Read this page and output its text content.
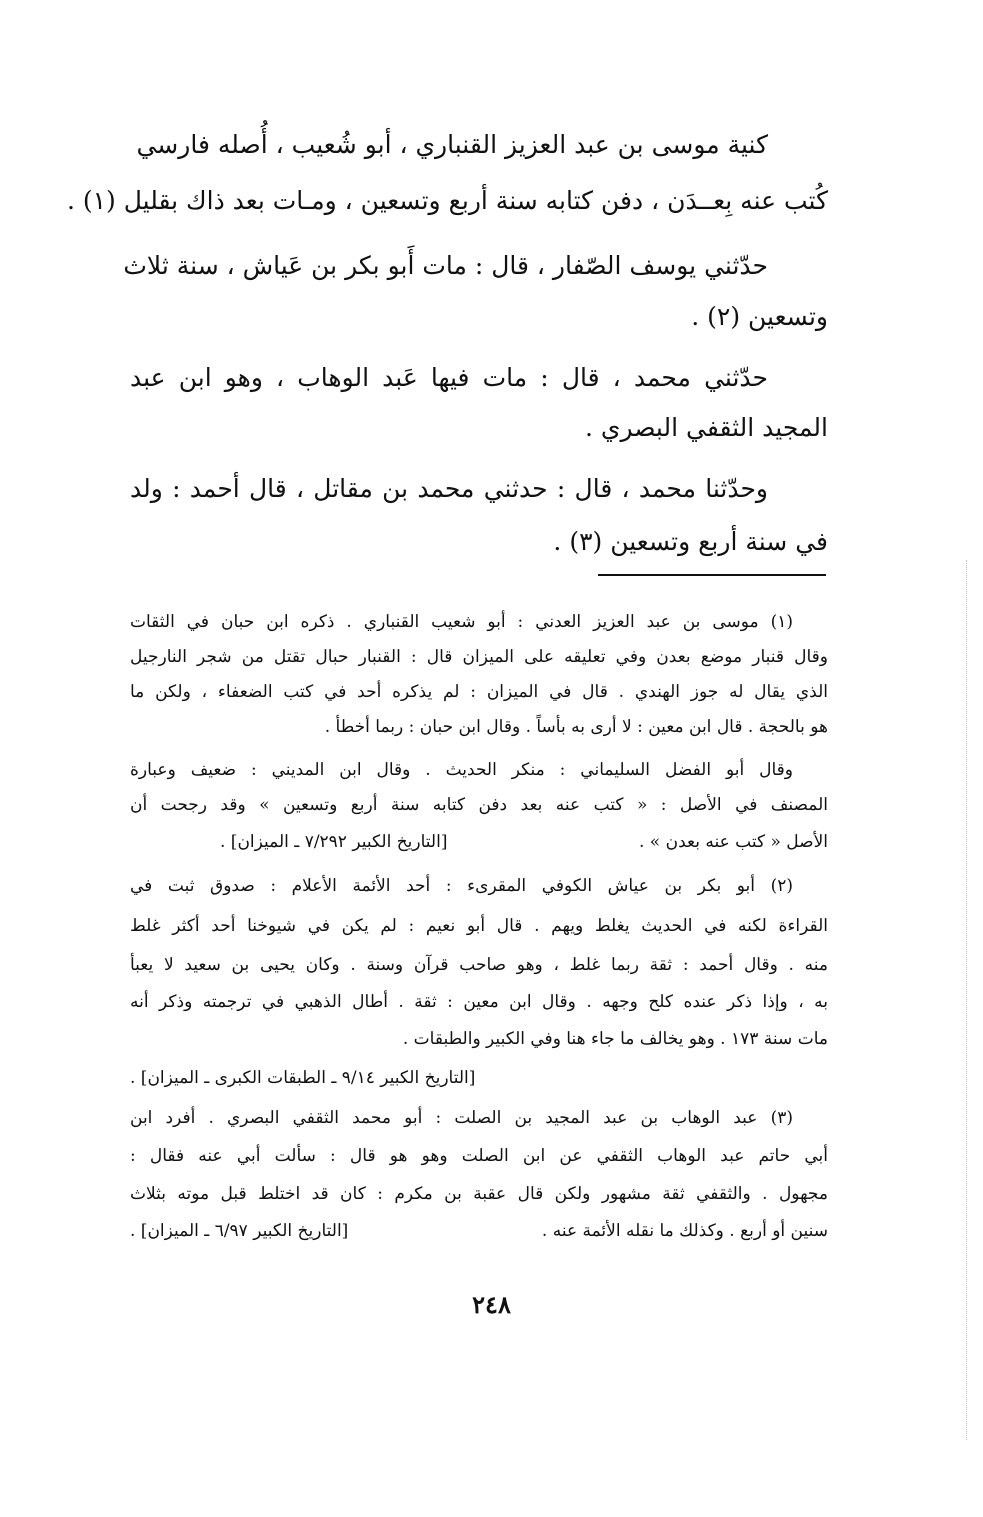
كنية موسى بن عبد العزيز القنباري ، أبو شُعيب ، أُصله فارسي
كُتب عنه بِعــدَن ، دفن كتابه سنة أربع وتسعين ، ومـات بعد ذاك بقليل (١) .
حدّثني يوسف الصّفار ، قال : مات أَبو بكر بن عَياش ، سنة ثلاث
وتسعين (٢) .
حدّثني محمد ، قال : مات فيها عَبد الوهاب ، وهو ابن عبد
المجيد الثقفي البصري .
وحدّثنا محمد ، قال : حدثني محمد بن مقاتل ، قال أحمد : ولد
في سنة أربع وتسعين (٣) .
(١) موسى بن عبد العزيز العدني : أبو شعيب القنباري . ذكره ابن حبان في الثقات
وقال قنبار موضع بعدن وفي تعليقه على الميزان قال : القنبار حبال تقتل من شجر النارجيل
الذي يقال له جوز الهندي . قال في الميزان : لم يذكره أحد في كتب الضعفاء ، ولكن ما
هو بالحجة . قال ابن معين : لا أرى به بأساً . وقال ابن حبان : ربما أخطأ .
وقال أبو الفضل السليماني : منكر الحديث . وقال ابن المديني : ضعيف وعبارة
المصنف في الأصل : « كتب عنه بعد دفن كتابه سنة أربع وتسعين » وقد رجحت أن
الأصل « كتب عنه بعدن » .
[التاريخ الكبير ٧/٢٩٢ ـ الميزان] .
(٢) أبو بكر بن عياش الكوفي المقرىء : أحد الأئمة الأعلام : صدوق ثبت في
القراءة لكنه في الحديث يغلط ويهم . قال أبو نعيم : لم يكن في شيوخنا أحد أكثر غلط
منه . وقال أحمد : ثقة ربما غلط ، وهو صاحب قرآن وسنة . وكان يحيى بن سعيد لا يعبأ
به ، وإذا ذكر عنده كلح وجهه . وقال ابن معين : ثقة . أطال الذهبي في ترجمته وذكر أنه
مات سنة ١٧٣ . وهو يخالف ما جاء هنا وفي الكبير والطبقات .
[التاريخ الكبير ٩/١٤ ـ الطبقات الكبرى ـ الميزان] .
(٣) عبد الوهاب بن عبد المجيد بن الصلت : أبو محمد الثقفي البصري . أفرد ابن
أبي حاتم عبد الوهاب الثقفي عن ابن الصلت وهو هو قال : سألت أبي عنه فقال :
مجهول . والثقفي ثقة مشهور ولكن قال عقبة بن مكرم : كان قد اختلط قبل موته بثلاث
سنين أو أربع . وكذلك ما نقله الأئمة عنه .
[التاريخ الكبير ٦/٩٧ ـ الميزان] .
٢٤٨
